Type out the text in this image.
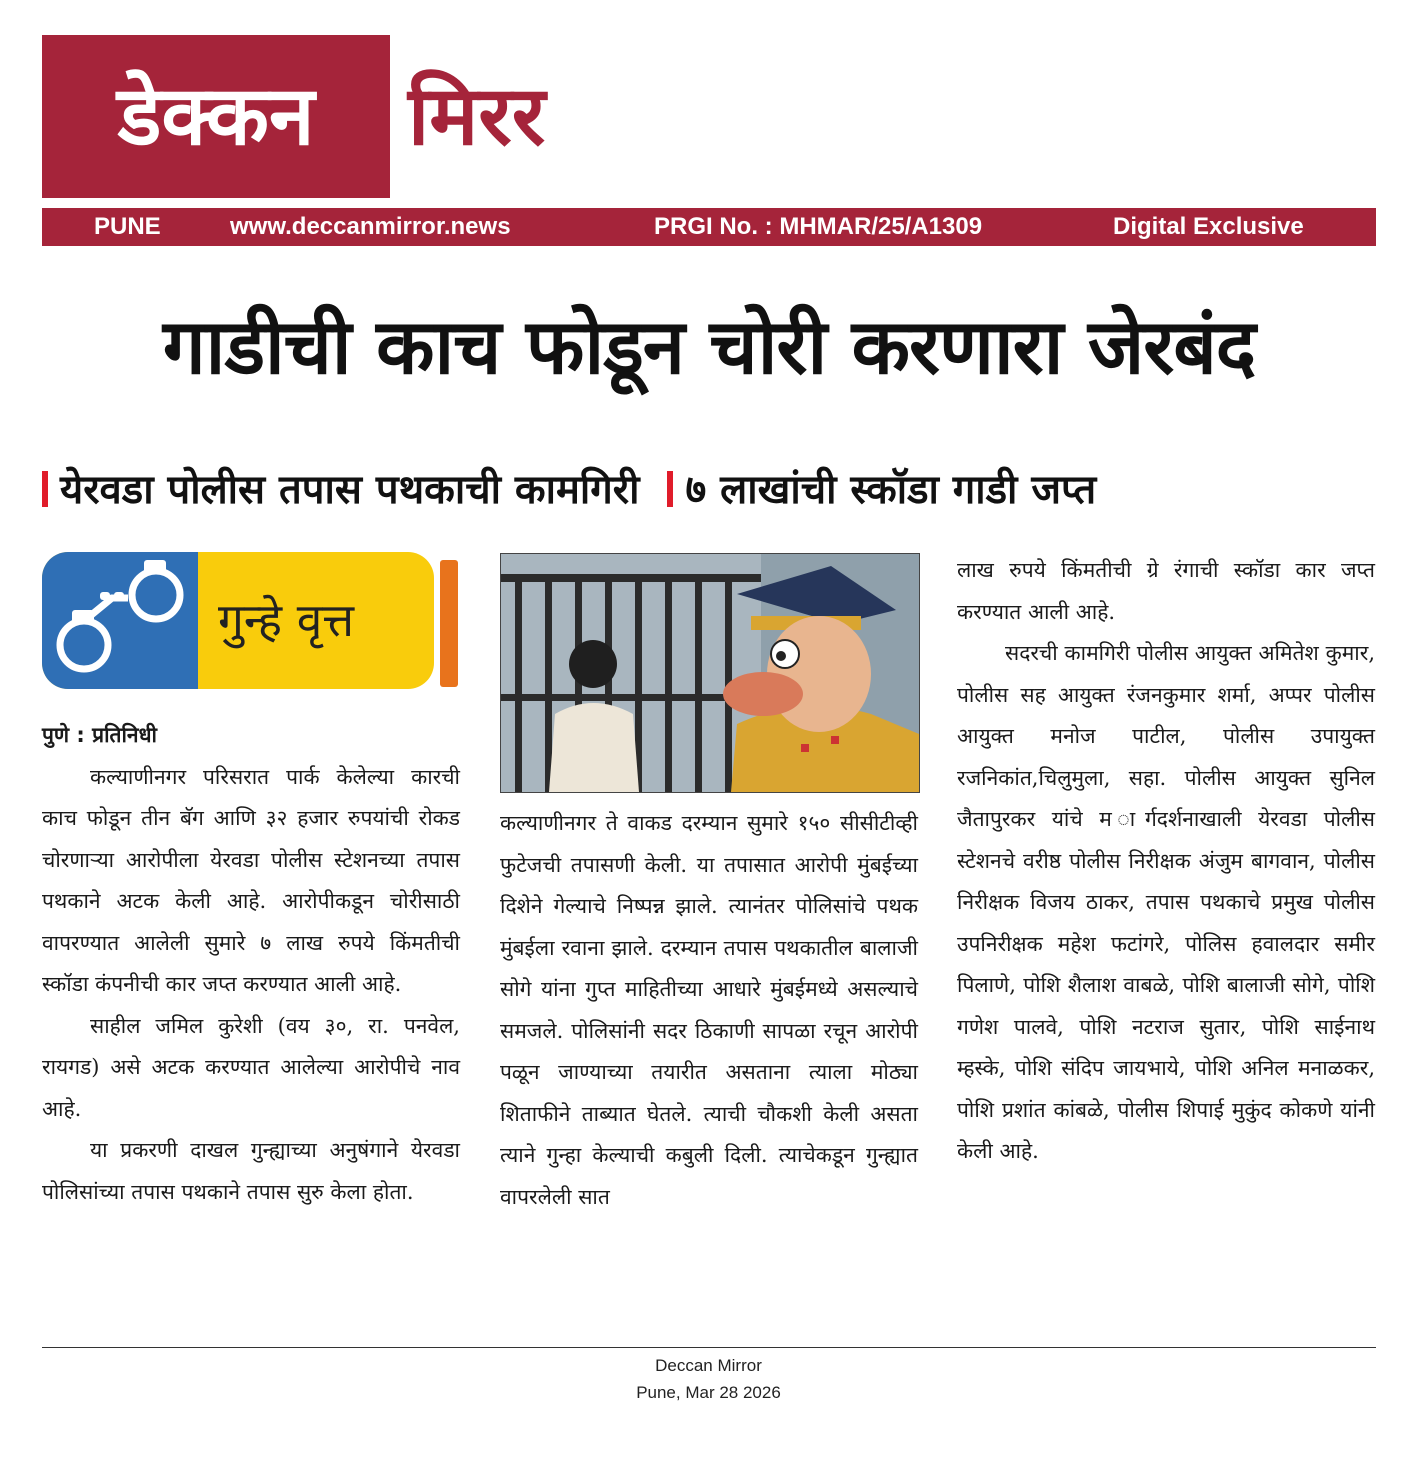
डेक्कन	मिरर
PUNE	www.deccanmirror.news	PRGI No. : MHMAR/25/A1309	Digital Exclusive
गाडीची काच फोडून चोरी करणारा जेरबंद
येरवडा पोलीस तपास पथकाची कामगिरी ७ लाखांची स्कॉडा गाडी जप्त
गुन्हे वृत्त

पुणे : प्रतिनिधी

कल्याणीनगर परिसरात पार्क केलेल्या कारची काच फोडून तीन बॅग आणि ३२ हजार रुपयांची रोकड चोरणाऱ्या आरोपीला येरवडा पोलीस स्टेशनच्या तपास पथकाने अटक केली आहे. आरोपीकडून चोरीसाठी वापरण्यात आलेली सुमारे ७ लाख रुपये किंमतीची स्कॉडा कंपनीची कार जप्त करण्यात आली आहे.

साहील जमिल कुरेशी (वय ३०, रा. पनवेल, रायगड) असे अटक करण्यात आलेल्या आरोपीचे नाव आहे.

या प्रकरणी दाखल गुन्ह्याच्या अनुषंगाने येरवडा पोलिसांच्या तपास पथकाने तपास सुरु केला होता.

कल्याणीनगर ते वाकड दरम्यान सुमारे १५० सीसीटीव्ही फुटेजची तपासणी केली. या तपासात आरोपी मुंबईच्या दिशेने गेल्याचे निष्पन्न झाले. त्यानंतर पोलिसांचे पथक मुंबईला रवाना झाले. दरम्यान तपास पथकातील बालाजी सोगे यांना गुप्त माहितीच्या आधारे मुंबईमध्ये असल्याचे समजले. पोलिसांनी सदर ठिकाणी सापळा रचून आरोपी पळून जाण्याच्या तयारीत असताना त्याला मोठ्या शिताफीने ताब्यात घेतले. त्याची चौकशी केली असता त्याने गुन्हा केल्याची कबुली दिली. त्याचेकडून गुन्ह्यात वापरलेली सात

लाख रुपये किंमतीची ग्रे रंगाची स्कॉडा कार जप्त करण्यात आली आहे.

सदरची कामगिरी पोलीस आयुक्त अमितेश कुमार, पोलीस सह आयुक्त रंजनकुमार शर्मा, अप्पर पोलीस आयुक्त मनोज पाटील, पोलीस उपायुक्त रजनिकांत,चिलुमुला, सहा. पोलीस आयुक्त सुनिल जैतापुरकर यांचे म ार्गदर्शनाखाली येरवडा पोलीस स्टेशनचे वरीष्ठ पोलीस निरीक्षक अंजुम बागवान, पोलीस निरीक्षक विजय ठाकर, तपास पथकाचे प्रमुख पोलीस उपनिरीक्षक महेश फटांगरे, पोलिस हवालदार समीर पिलाणे, पोशि शैलाश वाबळे, पोशि बालाजी सोगे, पोशि गणेश पालवे, पोशि नटराज सुतार, पोशि साईनाथ म्हस्के, पोशि संदिप जायभाये, पोशि अनिल मनाळकर, पोशि प्रशांत कांबळे, पोलीस शिपाई मुकुंद कोकणे यांनी केली आहे.

Deccan Mirror
Pune, Mar 28 2026
